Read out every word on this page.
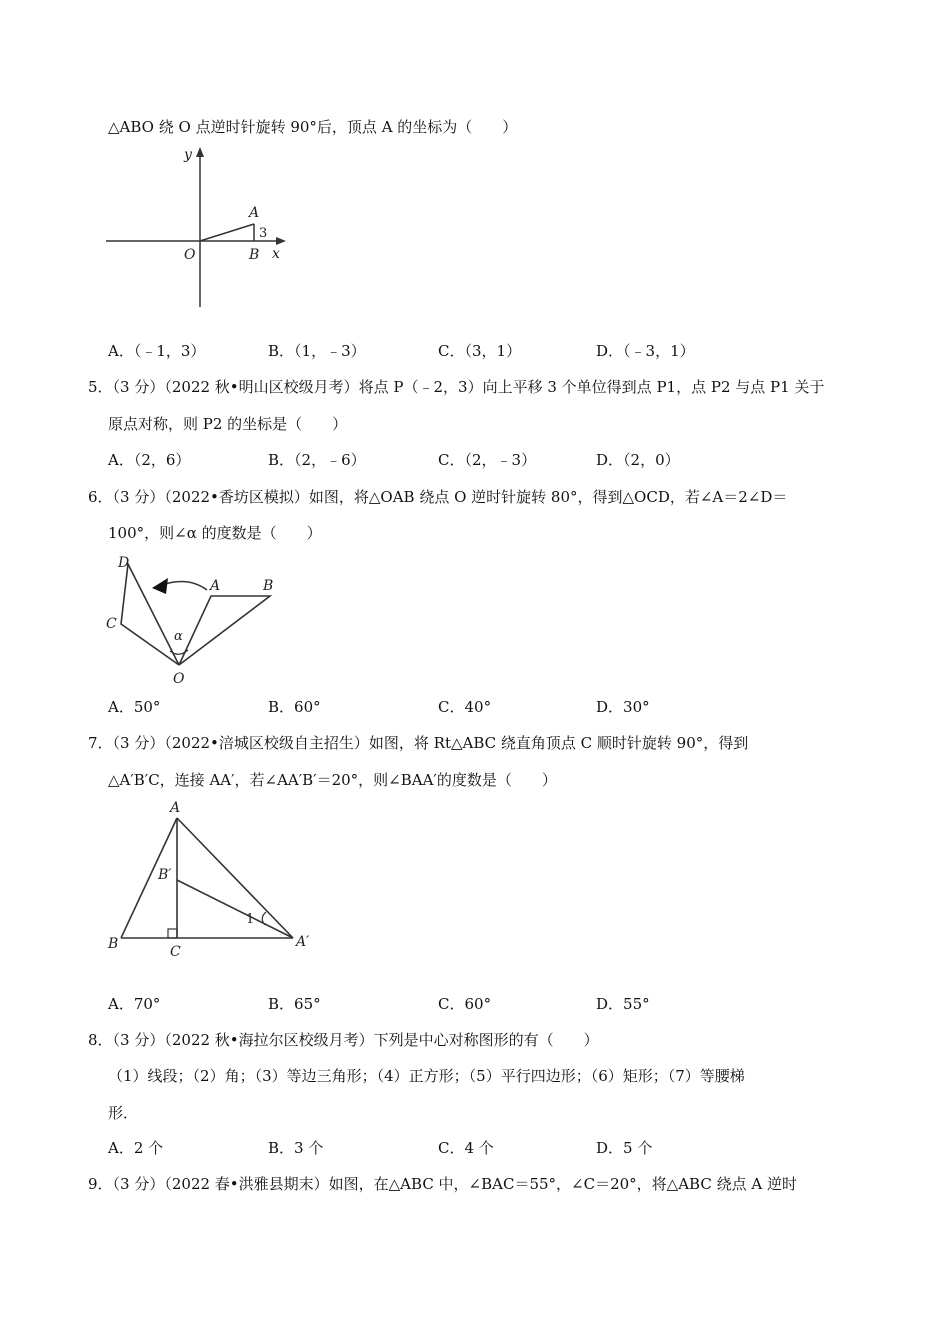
△ABO 绕 O 点逆时针旋转 90°后，顶点 A 的坐标为（　　）
y
x
O
A
B
3
A．（﹣1，3）	B．（1，﹣3）	C．（3，1）	D．（﹣3，1）
5．（3 分）（2022 秋•明山区校级月考）将点 P（﹣2，3）向上平移 3 个单位得到点 P1，点 P2 与点 P1 关于
原点对称，则 P2 的坐标是（　　）
A．（2，6）	B．（2，﹣6）	C．（2，﹣3）	D．（2，0）
6．（3 分）（2022•香坊区模拟）如图，将△OAB 绕点 O 逆时针旋转 80°，得到△OCD，若∠A＝2∠D＝
100°，则∠α 的度数是（　　）
D
A	B
C
O
α
A．50°	B．60°	C．40°	D．30°
7．（3 分）（2022•涪城区校级自主招生）如图，将 Rt△ABC 绕直角顶点 C 顺时针旋转 90°，得到
△A′B′C，连接 AA′，若∠AA′B′＝20°，则∠BAA′的度数是（　　）
A
B′
B	C
A′
1
A．70°	B．65°	C．60°	D．55°
8．（3 分）（2022 秋•海拉尔区校级月考）下列是中心对称图形的有（　　）
（1）线段；（2）角；（3）等边三角形；（4）正方形；（5）平行四边形；（6）矩形；（7）等腰梯
形．
A．2 个	B．3 个	C．4 个	D．5 个
9．（3 分）（2022 春•洪雅县期末）如图，在△ABC 中，∠BAC＝55°，∠C＝20°，将△ABC 绕点 A 逆时
